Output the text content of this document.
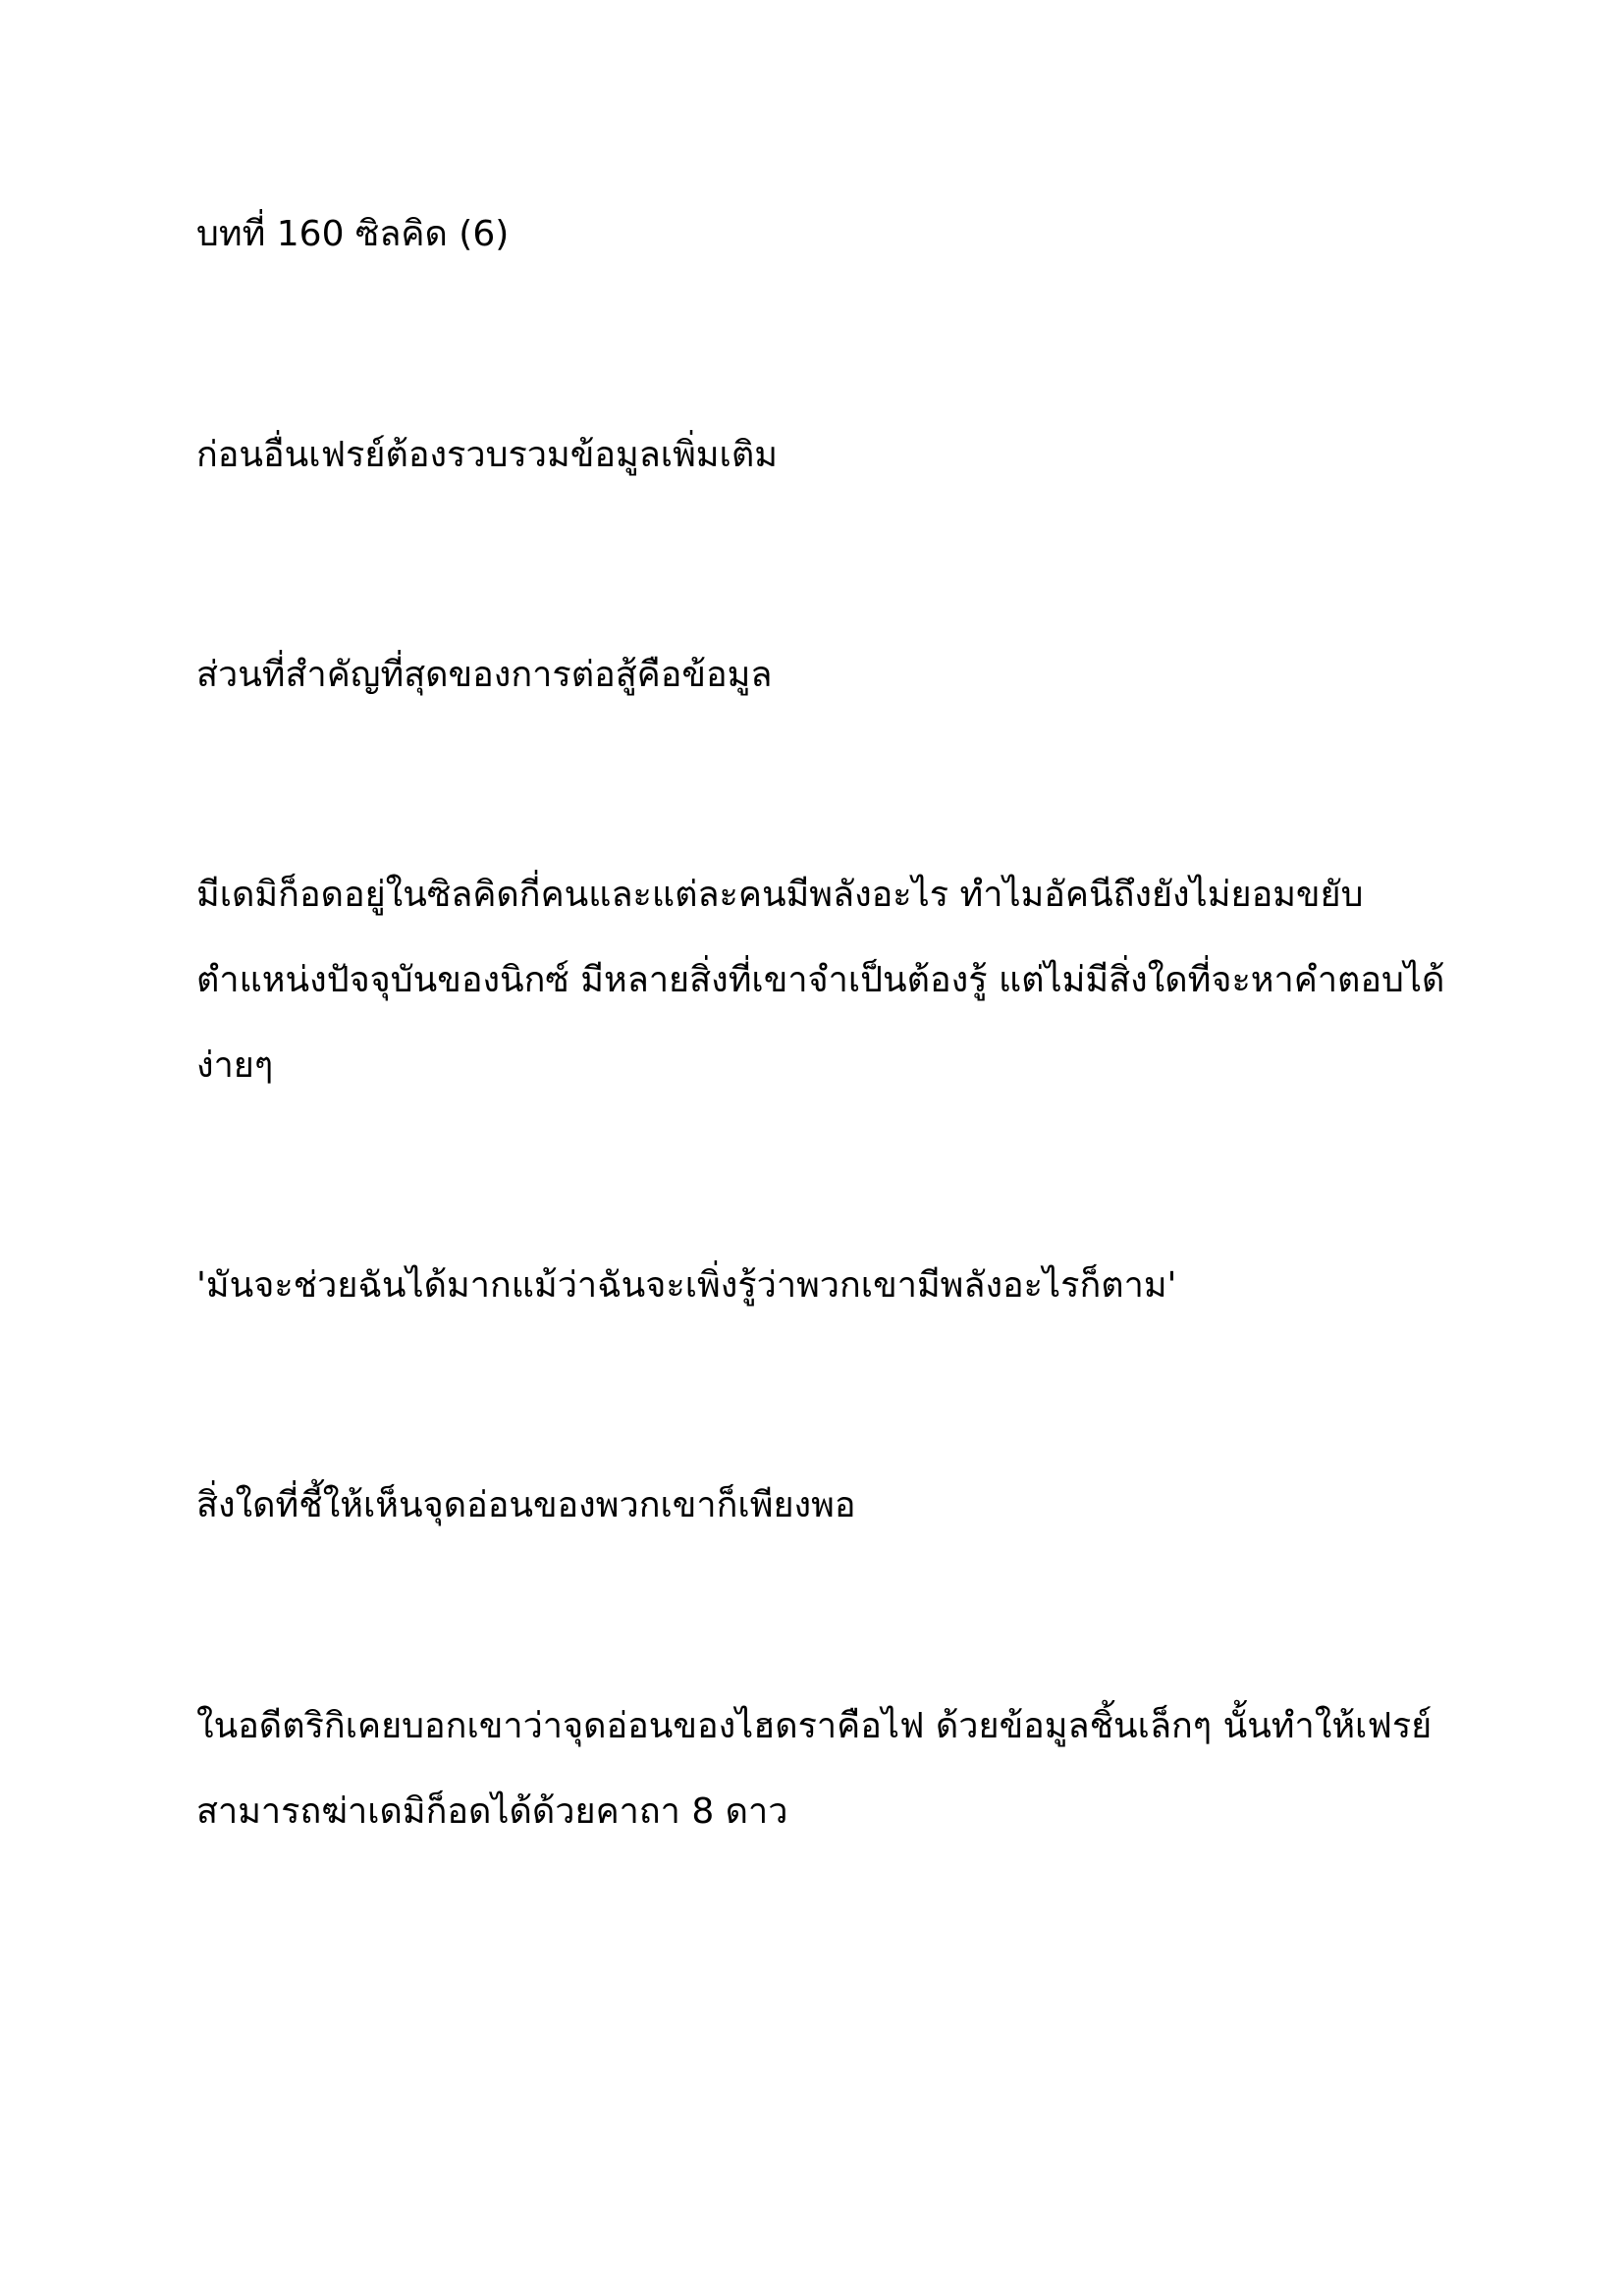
บทที่ 160 ซิลคิด (6)
ก่อนอื่นเฟรย์ต้องรวบรวมข้อมูลเพิ่มเติม
ส่วนที่สำคัญที่สุดของการต่อสู้คือข้อมูล
มีเดมิก็อดอยู่ในซิลคิดกี่คนและแต่ละคนมีพลังอะไร ทำไมอัคนีถึงยังไม่ยอมขยับ
ตำแหน่งปัจจุบันของนิกซ์ มีหลายสิ่งที่เขาจำเป็นต้องรู้ แต่ไม่มีสิ่งใดที่จะหาคำตอบได้
ง่ายๆ
'มันจะช่วยฉันได้มากแม้ว่าฉันจะเพิ่งรู้ว่าพวกเขามีพลังอะไรก็ตาม'
สิ่งใดที่ชี้ให้เห็นจุดอ่อนของพวกเขาก็เพียงพอ
ในอดีตริกิเคยบอกเขาว่าจุดอ่อนของไฮดราคือไฟ ด้วยข้อมูลชิ้นเล็กๆ นั้นทำให้เฟรย์
สามารถฆ่าเดมิก็อดได้ด้วยคาถา 8 ดาว
